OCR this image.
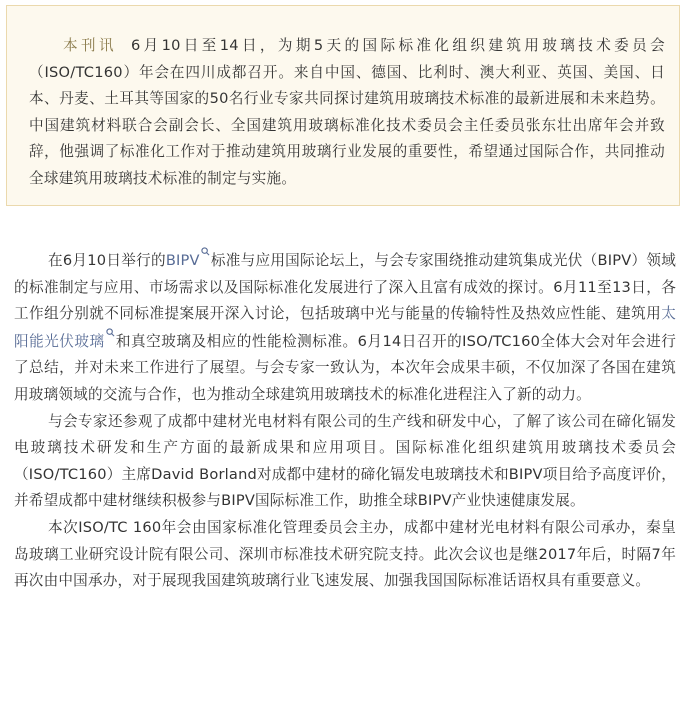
本刊讯 6月10日至14日，为期5天的国际标准化组织建筑用玻璃技术委员会（ISO/TC160）年会在四川成都召开。来自中国、德国、比利时、澳大利亚、英国、美国、日本、丹麦、土耳其等国家的50名行业专家共同探讨建筑用玻璃技术标准的最新进展和未来趋势。中国建筑材料联合会副会长、全国建筑用玻璃标准化技术委员会主任委员张东壮出席年会并致辞，他强调了标准化工作对于推动建筑用玻璃行业发展的重要性，希望通过国际合作，共同推动全球建筑用玻璃技术标准的制定与实施。

在6月10日举行的BIPV 标准与应用国际论坛上，与会专家围绕推动建筑集成光伏（BIPV）领域的标准制定与应用、市场需求以及国际标准化发展进行了深入且富有成效的探讨。6月11至13日，各工作组分别就不同标准提案展开深入讨论，包括玻璃中光与能量的传输特性及热效应性能、建筑用太阳能光伏玻璃 和真空玻璃及相应的性能检测标准。6月14日召开的ISO/TC160全体大会对年会进行了总结，并对未来工作进行了展望。与会专家一致认为，本次年会成果丰硕，不仅加深了各国在建筑用玻璃领域的交流与合作，也为推动全球建筑用玻璃技术的标准化进程注入了新的动力。

与会专家还参观了成都中建材光电材料有限公司的生产线和研发中心，了解了该公司在碲化镉发电玻璃技术研发和生产方面的最新成果和应用项目。国际标准化组织建筑用玻璃技术委员会（ISO/TC160）主席David Borland对成都中建材的碲化镉发电玻璃技术和BIPV项目给予高度评价，并希望成都中建材继续积极参与BIPV国际标准工作，助推全球BIPV产业快速健康发展。

本次ISO/TC 160年会由国家标准化管理委员会主办，成都中建材光电材料有限公司承办，秦皇岛玻璃工业研究设计院有限公司、深圳市标准技术研究院支持。此次会议也是继2017年后，时隔7年再次由中国承办，对于展现我国建筑玻璃行业飞速发展、加强我国国际标准话语权具有重要意义。
